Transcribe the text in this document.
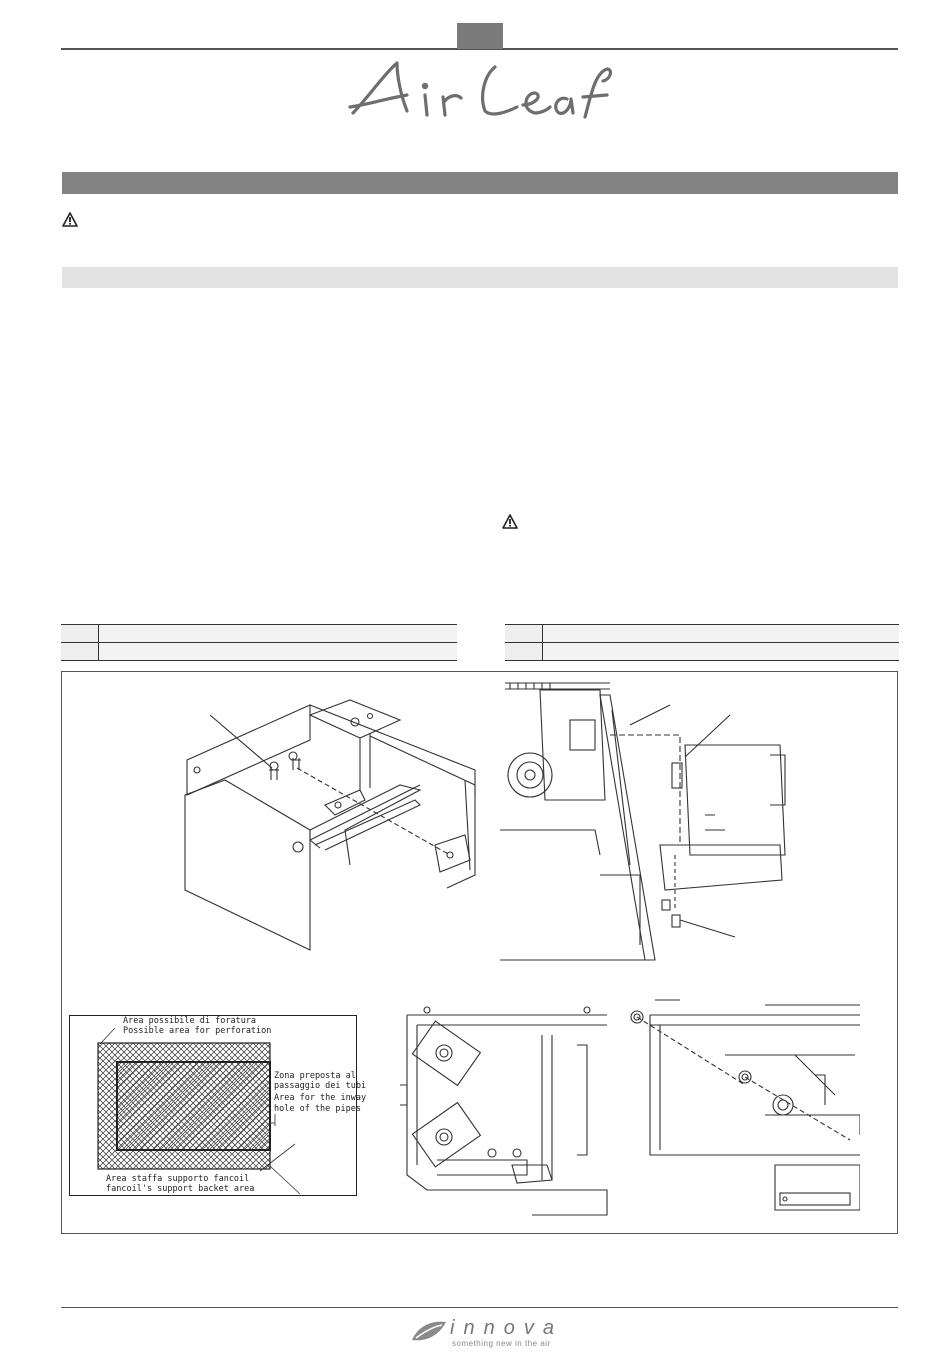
Area possibile di foratura
Possible area for perforation
Zona preposta al
passaggio dei tubi
Area for the inway
hole of the pipes
Area staffa supporto fancoil
fancoil's support backet area
innova
something new in the air
